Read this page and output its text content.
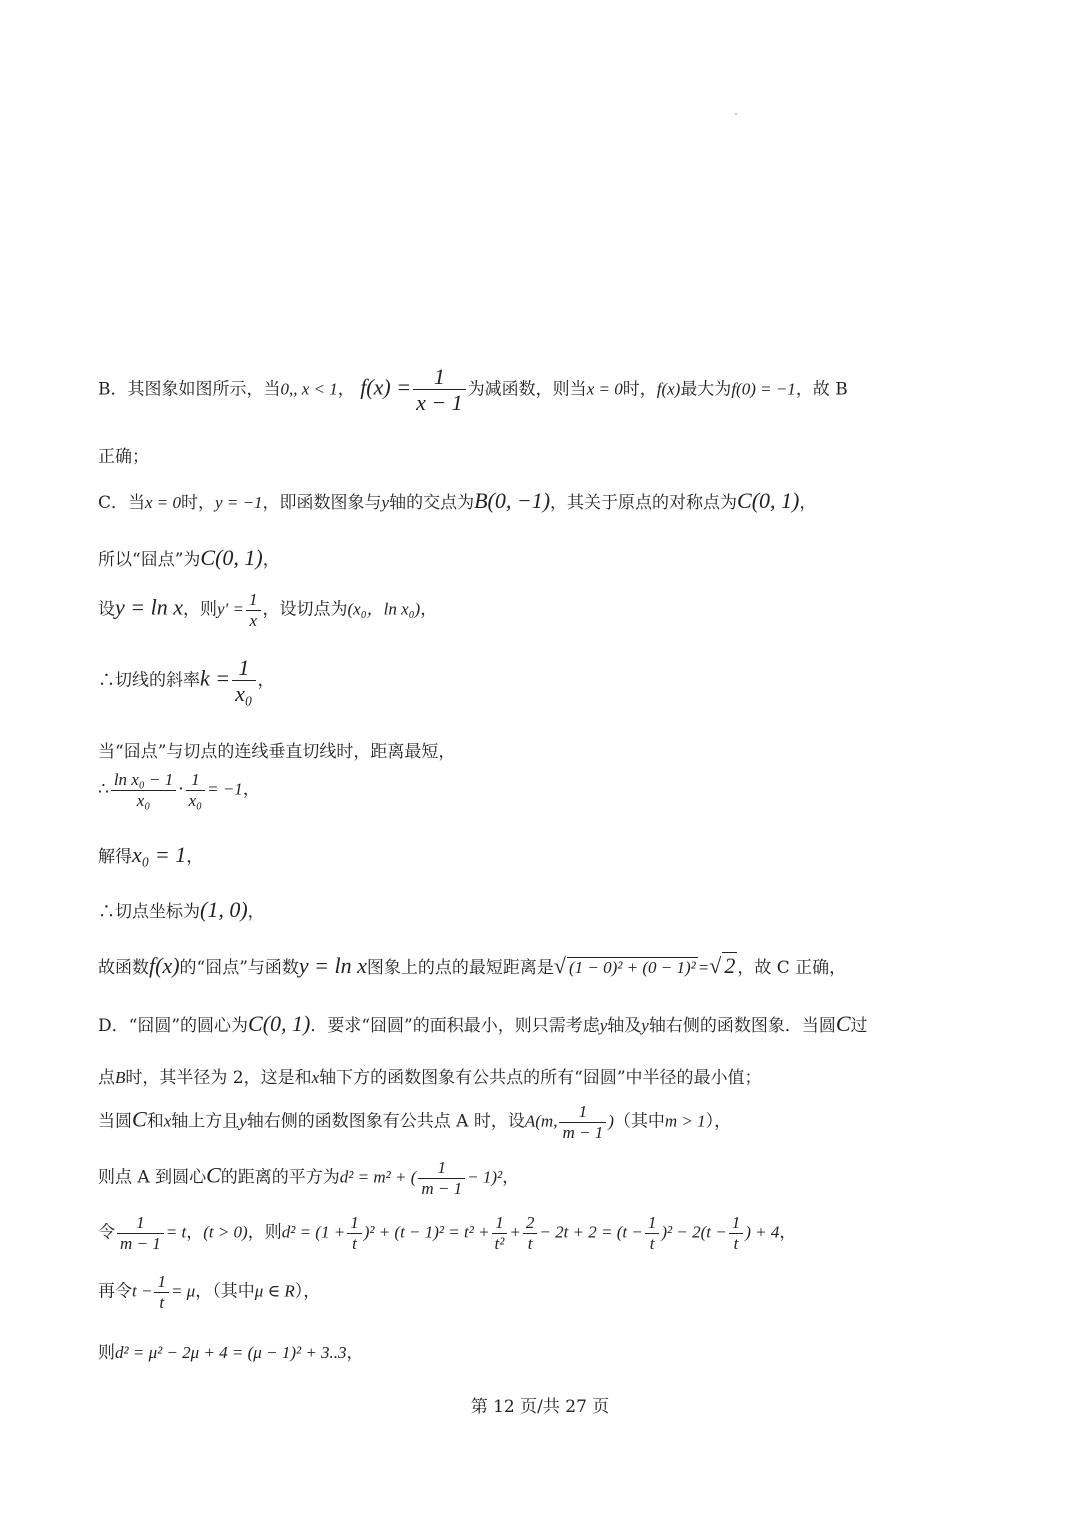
B．其图象如图所示，当0,, x < 1， $f(x) = \frac{1}{x - 1}$ 为减函数，则当x = 0时，f(x)最大为f(0) = −1，故 B
正确；
C．当x = 0时，y = −1，即函数图象与y轴的交点为B(0, −1)，其关于原点的对称点为C(0, 1)，
所以“囧点”为C(0, 1)，
设y = ln x，则$y' = \frac{1}{x}$ ，设切点为(x₀，ln x₀)，
∴切线的斜率$k = \frac{1}{\text{x₀}}$ ，
当“囧点”与切点的连线垂直切线时，距离最短，
∴ $\frac{\text{ln x₀ − 1}}{\text{x₀}} \cdot \frac{1}{\text{x₀}} = -1$，
解得x₀ = 1，
∴切点坐标为(1, 0)，
故函数f(x)的“囧点”与函数y = ln x图象上的点的最短距离是√ (1 − 0)² + (0 − 1)² =√ 2 ，故 C 正确，
D．“囧圆”的圆心为C(0, 1)．要求“囧圆”的面积最小，则只需考虑y轴及y轴右侧的函数图象．当圆C过
点B时，其半径为 2，这是和x轴下方的函数图象有公共点的所有“囧圆”中半径的最小值；
当圆C和x轴上方且y轴右侧的函数图象有公共点 A 时，设A(m, $\frac{1}{m - 1}$ )（其中m > 1），
则点 A 到圆心C的距离的平方为d² = m² + ( $\frac{1}{m - 1} - 1)^2$，
令 $\frac{1}{m - 1} = t$，(t > 0)，则$d^2 = (1 + \frac{1}{t} )^2 + (t - 1)^2 = t^2 + \frac{1}{\text{t²}} + \frac{2}{t} - 2t + 2 = (t - \frac{1}{t} )^2 - 2(t - \frac{1}{t}$ ) + 4，
再令$t - \frac{1}{t} = \mu$，（其中μ ∈ R），
则d² = μ² − 2μ + 4 = (μ − 1)² + 3..3，
第 12 页/共 27 页
